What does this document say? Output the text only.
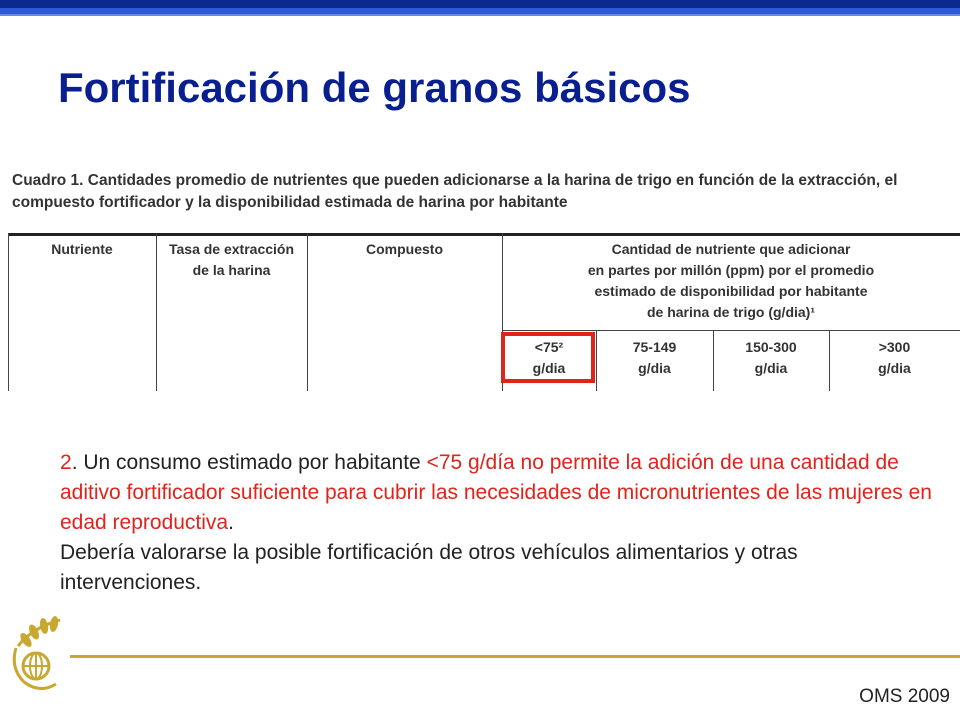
Fortificación de granos básicos
Cuadro 1. Cantidades promedio de nutrientes que pueden adicionarse a la harina de trigo en función de la extracción, el compuesto fortificador y la disponibilidad estimada de harina por habitante
Nutriente	Tasa de extracción
de la harina
Compuesto	Cantidad de nutriente que adicionar
en partes por millón (ppm) por el promedio
estimado de disponibilidad por habitante
de harina de trigo (g/dia)¹
<75²
g/dia
75-149
g/dia
150-300
g/dia
>300
g/dia
2. Un consumo estimado por habitante <75 g/día no permite la adición de una cantidad de aditivo fortificador suficiente para cubrir las necesidades de micronutrientes de las mujeres en edad reproductiva.
Debería valorarse la posible fortificación de otros vehículos alimentarios y otras intervenciones.
OMS 2009
